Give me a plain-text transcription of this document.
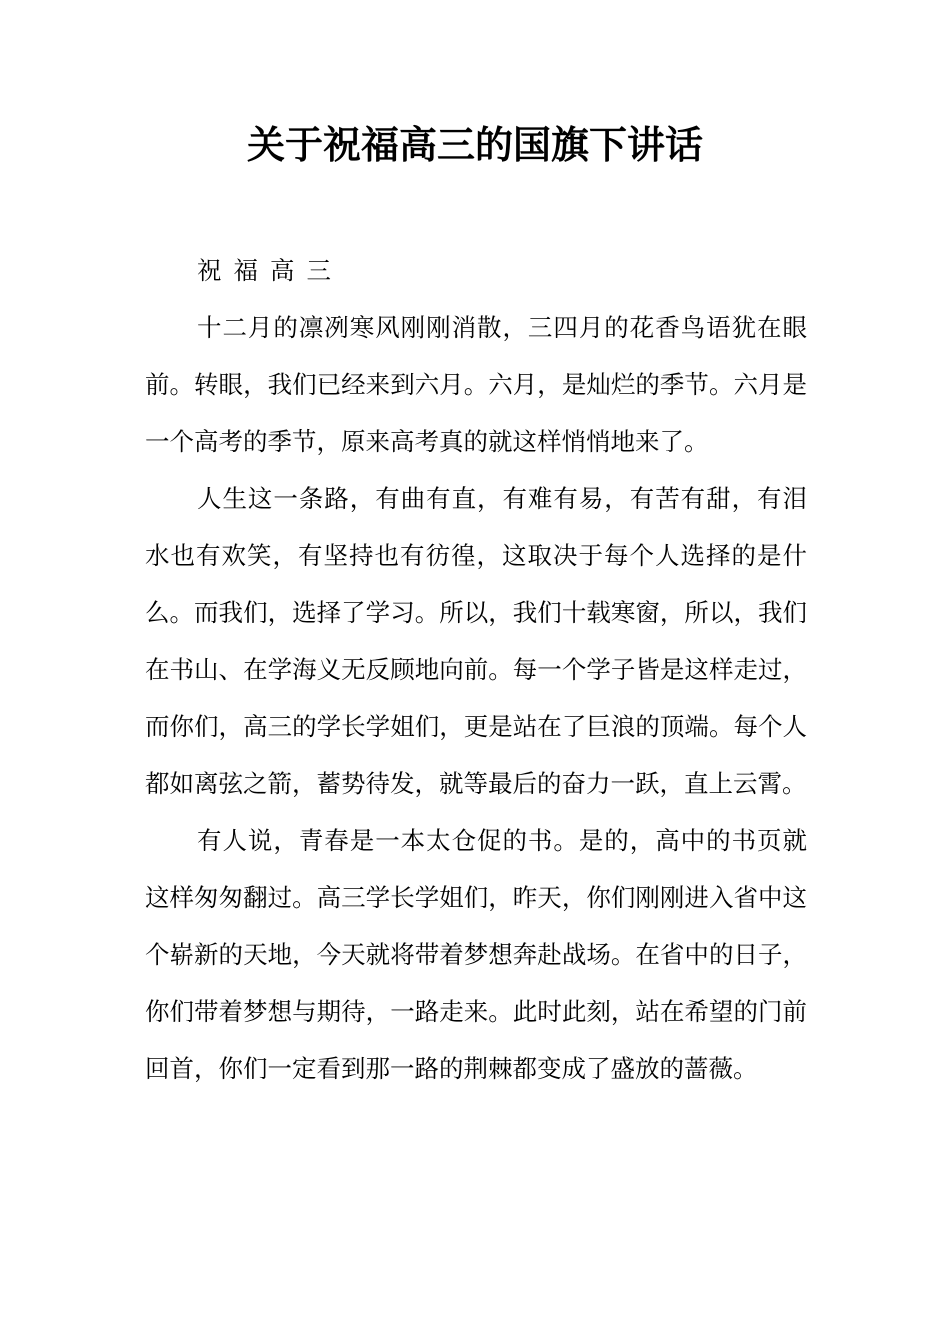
关于祝福高三的国旗下讲话

祝福高三

十二月的凛冽寒风刚刚消散，三四月的花香鸟语犹在眼前。转眼，我们已经来到六月。六月，是灿烂的季节。六月是一个高考的季节，原来高考真的就这样悄悄地来了。

人生这一条路，有曲有直，有难有易，有苦有甜，有泪水也有欢笑，有坚持也有彷徨，这取决于每个人选择的是什么。而我们，选择了学习。所以，我们十载寒窗，所以，我们在书山、在学海义无反顾地向前。每一个学子皆是这样走过，而你们，高三的学长学姐们，更是站在了巨浪的顶端。每个人都如离弦之箭，蓄势待发，就等最后的奋力一跃，直上云霄。

有人说，青春是一本太仓促的书。是的，高中的书页就这样匆匆翻过。高三学长学姐们，昨天，你们刚刚进入省中这个崭新的天地，今天就将带着梦想奔赴战场。在省中的日子，你们带着梦想与期待，一路走来。此时此刻，站在希望的门前回首，你们一定看到那一路的荆棘都变成了盛放的蔷薇。
